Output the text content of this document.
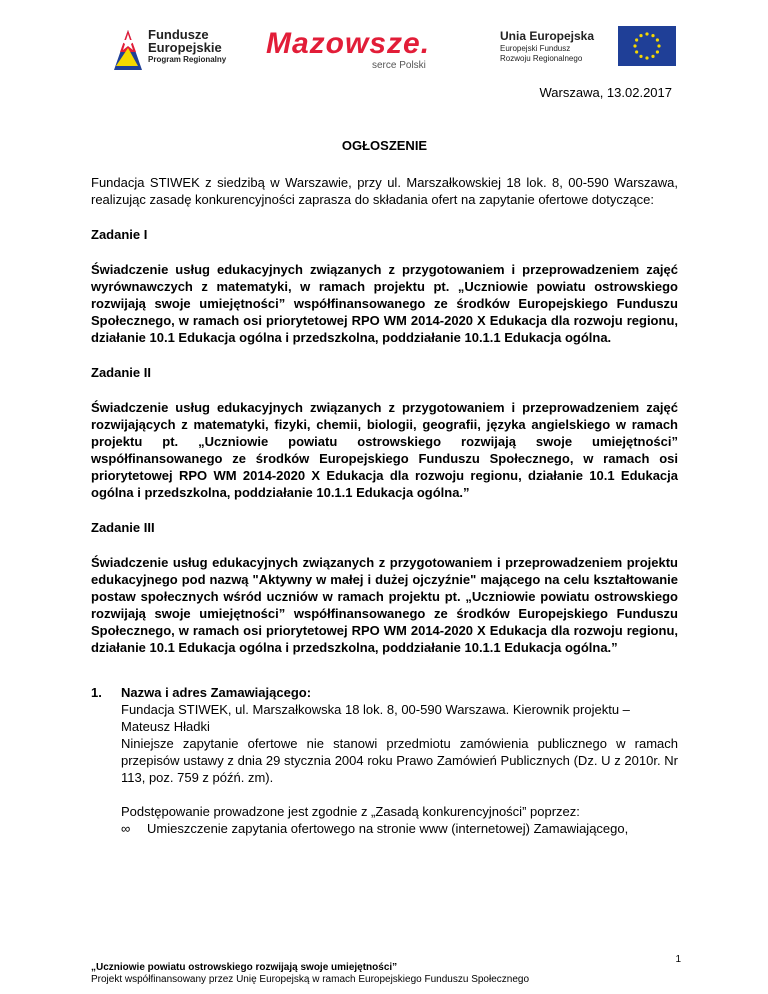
Fundusze
Europejskie
Program Regionalny Mazowsze.
serce Polski
Unia Europejska
Europejski Fundusz
Rozwoju Regionalnego
Warszawa, 13.02.2017
OGŁOSZENIE

Fundacja STIWEK z siedzibą w Warszawie, przy ul. Marszałkowskiej 18 lok. 8, 00-590 Warszawa, realizując zasadę konkurencyjności zaprasza do składania ofert na zapytanie ofertowe dotyczące:

Zadanie I

Świadczenie usług edukacyjnych związanych z przygotowaniem i przeprowadzeniem zajęć wyrównawczych z matematyki, w ramach projektu pt. „Uczniowie powiatu ostrowskiego rozwijają swoje umiejętności” współfinansowanego ze środków Europejskiego Funduszu Społecznego, w ramach osi priorytetowej RPO WM 2014-2020 X Edukacja dla rozwoju regionu, działanie 10.1 Edukacja ogólna i przedszkolna, poddziałanie 10.1.1 Edukacja ogólna.

Zadanie II

Świadczenie usług edukacyjnych związanych z przygotowaniem i przeprowadzeniem zajęć rozwijających z matematyki, fizyki, chemii, biologii, geografii, języka angielskiego w ramach projektu pt. „Uczniowie powiatu ostrowskiego rozwijają swoje umiejętności” współfinansowanego ze środków Europejskiego Funduszu Społecznego, w ramach osi priorytetowej RPO WM 2014-2020 X Edukacja dla rozwoju regionu, działanie 10.1 Edukacja ogólna i przedszkolna, poddziałanie 10.1.1 Edukacja ogólna.”

Zadanie III

Świadczenie usług edukacyjnych związanych z przygotowaniem i przeprowadzeniem projektu edukacyjnego pod nazwą "Aktywny w małej i dużej ojczyźnie" mającego na celu kształtowanie postaw społecznych wśród uczniów w ramach projektu pt. „Uczniowie powiatu ostrowskiego rozwijają swoje umiejętności” współfinansowanego ze środków Europejskiego Funduszu Społecznego, w ramach osi priorytetowej RPO WM 2014-2020 X Edukacja dla rozwoju regionu, działanie 10.1 Edukacja ogólna i przedszkolna, poddziałanie 10.1.1 Edukacja ogólna.”

1. Nazwa i adres Zamawiającego:

Fundacja STIWEK, ul. Marszałkowska 18 lok. 8, 00-590 Warszawa. Kierownik projektu – Mateusz Hładki

Niniejsze zapytanie ofertowe nie stanowi przedmiotu zamówienia publicznego w ramach przepisów ustawy z dnia 29 stycznia 2004 roku Prawo Zamówień Publicznych (Dz. U z 2010r. Nr 113, poz. 759 z późń. zm).

Podstępowanie prowadzone jest zgodnie z „Zasadą konkurencyjności” poprzez:

∞ Umieszczenie zapytania ofertowego na stronie www (internetowej) Zamawiającego,
„Uczniowie powiatu ostrowskiego rozwijają swoje umiejętności”
Projekt współfinansowany przez Unię Europejską w ramach Europejskiego Funduszu Społecznego
1
